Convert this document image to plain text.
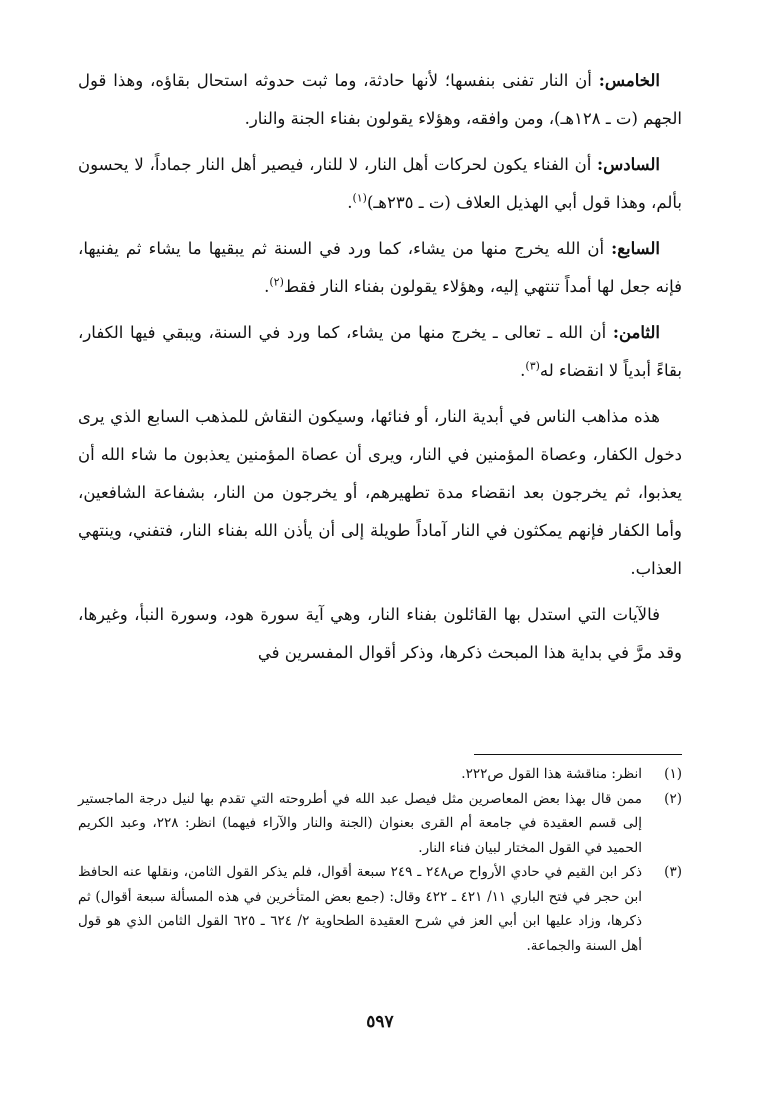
الخامس: أن النار تفنى بنفسها؛ لأنها حادثة، وما ثبت حدوثه استحال بقاؤه، وهذا قول الجهم (ت ـ ١٢٨هـ)، ومن وافقه، وهؤلاء يقولون بفناء الجنة والنار.

السادس: أن الفناء يكون لحركات أهل النار، لا للنار، فيصير أهل النار جماداً، لا يحسون بألم، وهذا قول أبي الهذيل العلاف (ت ـ ٢٣٥هـ)$^{(١)}$.

السابع: أن الله يخرج منها من يشاء، كما ورد في السنة ثم يبقيها ما يشاء ثم يفنيها، فإنه جعل لها أمداً تنتهي إليه، وهؤلاء يقولون بفناء النار فقط$^{(٢)}$.

الثامن: أن الله ـ تعالى ـ يخرج منها من يشاء، كما ورد في السنة، ويبقي فيها الكفار، بقاءً أبدياً لا انقضاء له$^{(٣)}$.

هذه مذاهب الناس في أبدية النار، أو فنائها، وسيكون النقاش للمذهب السابع الذي يرى دخول الكفار، وعصاة المؤمنين في النار، ويرى أن عصاة المؤمنين يعذبون ما شاء الله أن يعذبوا، ثم يخرجون بعد انقضاء مدة تطهيرهم، أو يخرجون من النار، بشفاعة الشافعين، وأما الكفار فإنهم يمكثون في النار آماداً طويلة إلى أن يأذن الله بفناء النار، فتفني، وينتهي العذاب.

فالآيات التي استدل بها القائلون بفناء النار، وهي آية سورة هود، وسورة النبأ، وغيرها، وقد مرَّ في بداية هذا المبحث ذكرها، وذكر أقوال المفسرين في

(١)
انظر: مناقشة هذا القول ص٢٢٢.
(٢)
ممن قال بهذا بعض المعاصرين مثل فيصل عبد الله في أطروحته التي تقدم بها لنيل درجة الماجستير إلى قسم العقيدة في جامعة أم القرى بعنوان (الجنة والنار والآراء فيهما) انظر: ٢٢٨، وعبد الكريم الحميد في القول المختار لبيان فناء النار.
(٣)
ذكر ابن القيم في حادي الأرواح ص٢٤٨ ـ ٢٤٩ سبعة أقوال، فلم يذكر القول الثامن، ونقلها عنه الحافظ ابن حجر في فتح الباري ١١/ ٤٢١ ـ ٤٢٢ وقال: (جمع بعض المتأخرين في هذه المسألة سبعة أقوال) ثم ذكرها، وزاد عليها ابن أبي العز في شرح العقيدة الطحاوية ٢/ ٦٢٤ ـ ٦٢٥ القول الثامن الذي هو قول أهل السنة والجماعة.
٥٩٧
